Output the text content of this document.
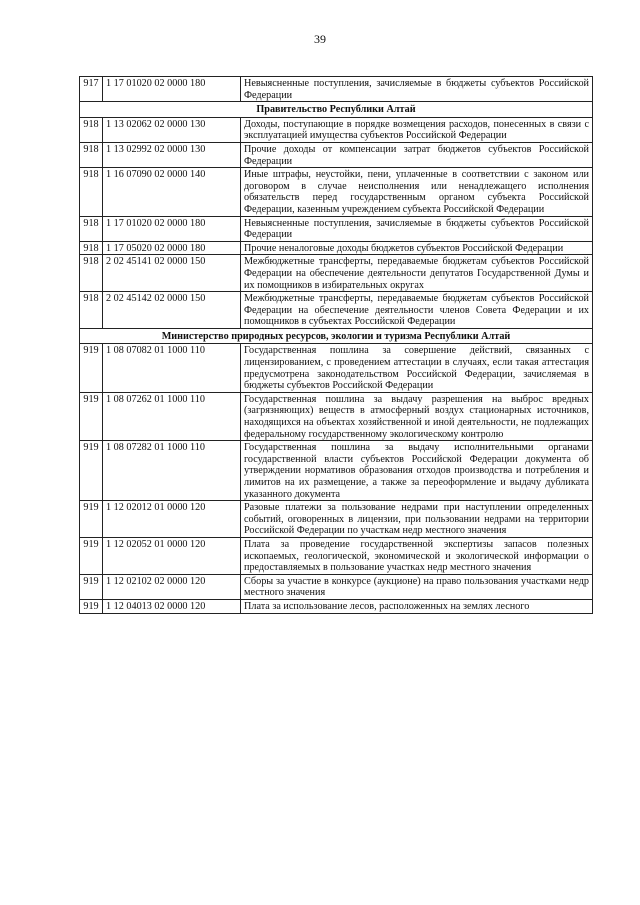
39
917	1 17 01020 02 0000 180	Невыясненные поступления, зачисляемые в бюджеты субъектов Российской Федерации
Правительство Республики Алтай		
918	1 13 02062 02 0000 130	Доходы, поступающие в порядке возмещения расходов, понесенных в связи с эксплуатацией имущества субъектов Российской Федерации
918	1 13 02992 02 0000 130	Прочие доходы от компенсации затрат бюджетов субъектов Российской Федерации
918	1 16 07090 02 0000 140	Иные штрафы, неустойки, пени, уплаченные в соответствии с законом или договором в случае неисполнения или ненадлежащего исполнения обязательств перед государственным органом субъекта Российской Федерации, казенным учреждением субъекта Российской Федерации
918	1 17 01020 02 0000 180	Невыясненные поступления, зачисляемые в бюджеты субъектов Российской Федерации
918	1 17 05020 02 0000 180	Прочие неналоговые доходы бюджетов субъектов Российской Федерации
918	2 02 45141 02 0000 150	Межбюджетные трансферты, передаваемые бюджетам субъектов Российской Федерации на обеспечение деятельности депутатов Государственной Думы и их помощников в избирательных округах
918	2 02 45142 02 0000 150	Межбюджетные трансферты, передаваемые бюджетам субъектов Российской Федерации на обеспечение деятельности членов Совета Федерации и их помощников в субъектах Российской Федерации
Министерство природных ресурсов, экологии и туризма Республики Алтай		
919	1 08 07082 01 1000 110	Государственная пошлина за совершение действий, связанных с лицензированием, с проведением аттестации в случаях, если такая аттестация предусмотрена законодательством Российской Федерации, зачисляемая в бюджеты субъектов Российской Федерации
919	1 08 07262 01 1000 110	Государственная пошлина за выдачу разрешения на выброс вредных (загрязняющих) веществ в атмосферный воздух стационарных источников, находящихся на объектах хозяйственной и иной деятельности, не подлежащих федеральному государственному экологическому контролю
919	1 08 07282 01 1000 110	Государственная пошлина за выдачу исполнительными органами государственной власти субъектов Российской Федерации документа об утверждении нормативов образования отходов производства и потребления и лимитов на их размещение, а также за переоформление и выдачу дубликата указанного документа
919	1 12 02012 01 0000 120	Разовые платежи за пользование недрами при наступлении определенных событий, оговоренных в лицензии, при пользовании недрами на территории Российской Федерации по участкам недр местного значения
919	1 12 02052 01 0000 120	Плата за проведение государственной экспертизы запасов полезных ископаемых, геологической, экономической и экологической информации о предоставляемых в пользование участках недр местного значения
919	1 12 02102 02 0000 120	Сборы за участие в конкурсе (аукционе) на право пользования участками недр местного значения
919	1 12 04013 02 0000 120	Плата за использование лесов, расположенных на землях лесного
